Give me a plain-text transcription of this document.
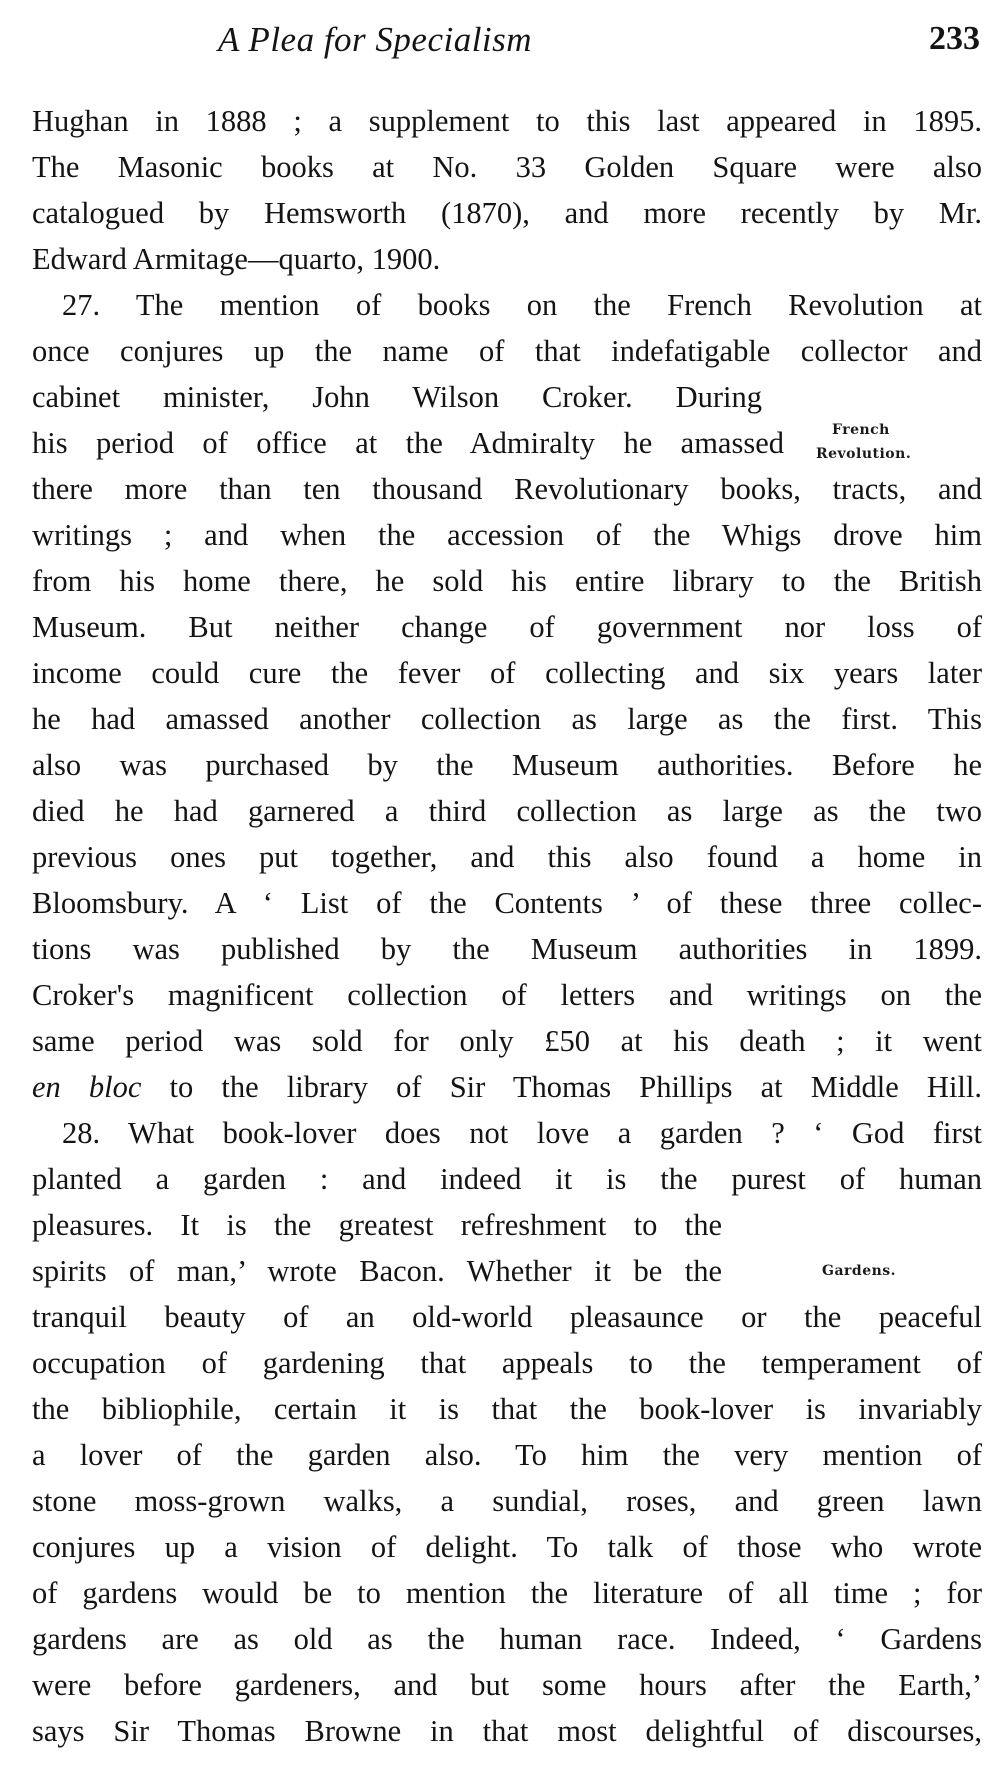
A Plea for Specialism	233
French
Revolution.
Gardens.
Hughan in 1888 ; a supplement to this last appeared in 1895.
The Masonic books at No. 33 Golden Square were also
catalogued by Hemsworth (1870), and more recently by Mr.
Edward Armitage—quarto, 1900.
27. The mention of books on the French Revolution at
once conjures up the name of that indefatigable collector and
cabinet minister, John Wilson Croker. During
his period of office at the Admiralty he amassed
there more than ten thousand Revolutionary books, tracts, and
writings ; and when the accession of the Whigs drove him
from his home there, he sold his entire library to the British
Museum. But neither change of government nor loss of
income could cure the fever of collecting and six years later
he had amassed another collection as large as the first. This
also was purchased by the Museum authorities. Before he
died he had garnered a third collection as large as the two
previous ones put together, and this also found a home in
Bloomsbury. A ‘ List of the Contents ’ of these three collec-
tions was published by the Museum authorities in 1899.
Croker's magnificent collection of letters and writings on the
same period was sold for only £50 at his death ; it went
en bloc to the library of Sir Thomas Phillips at Middle Hill.
28. What book-lover does not love a garden ? ‘ God first
planted a garden : and indeed it is the purest of human
pleasures. It is the greatest refreshment to the
spirits of man,’ wrote Bacon. Whether it be the
tranquil beauty of an old-world pleasaunce or the peaceful
occupation of gardening that appeals to the temperament of
the bibliophile, certain it is that the book-lover is invariably
a lover of the garden also. To him the very mention of
stone moss-grown walks, a sundial, roses, and green lawn
conjures up a vision of delight. To talk of those who wrote
of gardens would be to mention the literature of all time ; for
gardens are as old as the human race. Indeed, ‘ Gardens
were before gardeners, and but some hours after the Earth,’
says Sir Thomas Browne in that most delightful of discourses,
